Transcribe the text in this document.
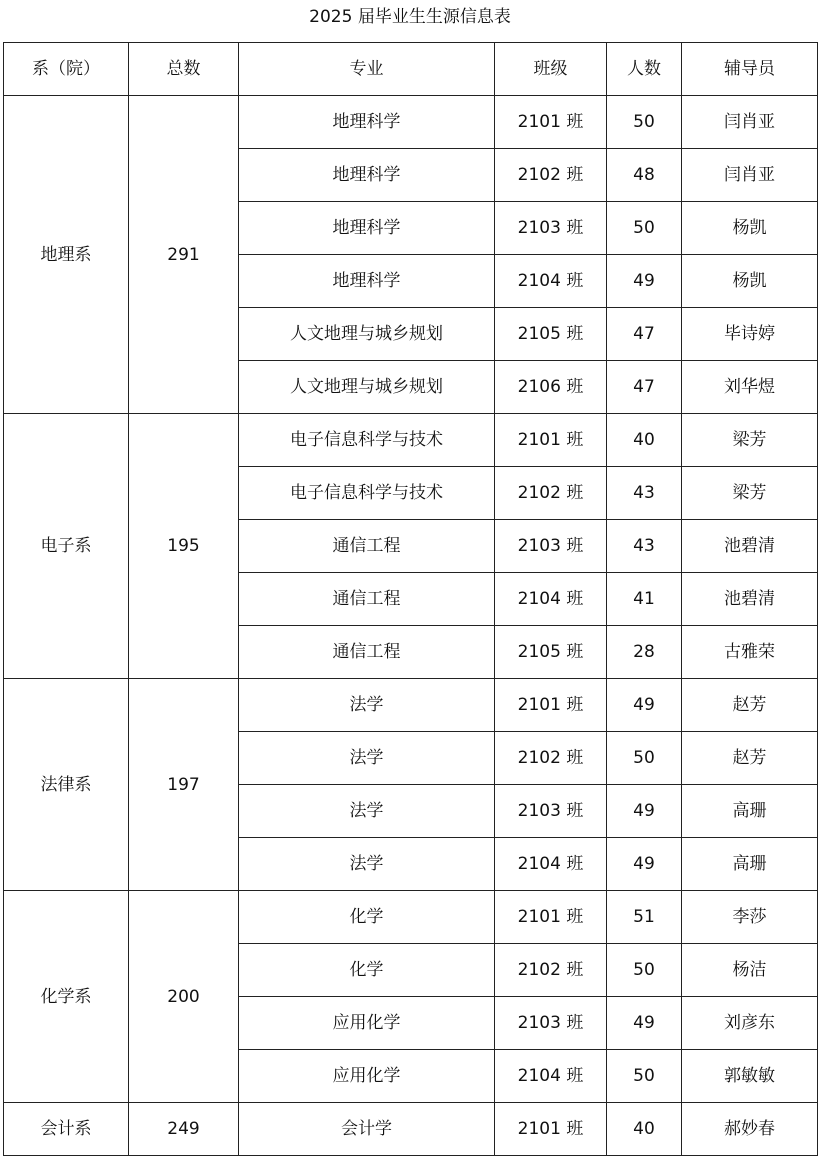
2025 届毕业生生源信息表
系（院）	总数	专业	班级	人数	辅导员
地理系	291	地理科学	2101 班	50	闫肖亚
		地理科学	2102 班	48	闫肖亚
		地理科学	2103 班	50	杨凯
		地理科学	2104 班	49	杨凯
		人文地理与城乡规划	2105 班	47	毕诗婷
		人文地理与城乡规划	2106 班	47	刘华煜
电子系	195	电子信息科学与技术	2101 班	40	梁芳
		电子信息科学与技术	2102 班	43	梁芳
		通信工程	2103 班	43	池碧清
		通信工程	2104 班	41	池碧清
		通信工程	2105 班	28	古雅荣
法律系	197	法学	2101 班	49	赵芳
		法学	2102 班	50	赵芳
		法学	2103 班	49	高珊
		法学	2104 班	49	高珊
化学系	200	化学	2101 班	51	李莎
		化学	2102 班	50	杨洁
		应用化学	2103 班	49	刘彦东
		应用化学	2104 班	50	郭敏敏
会计系	249	会计学	2101 班	40	郝妙春
